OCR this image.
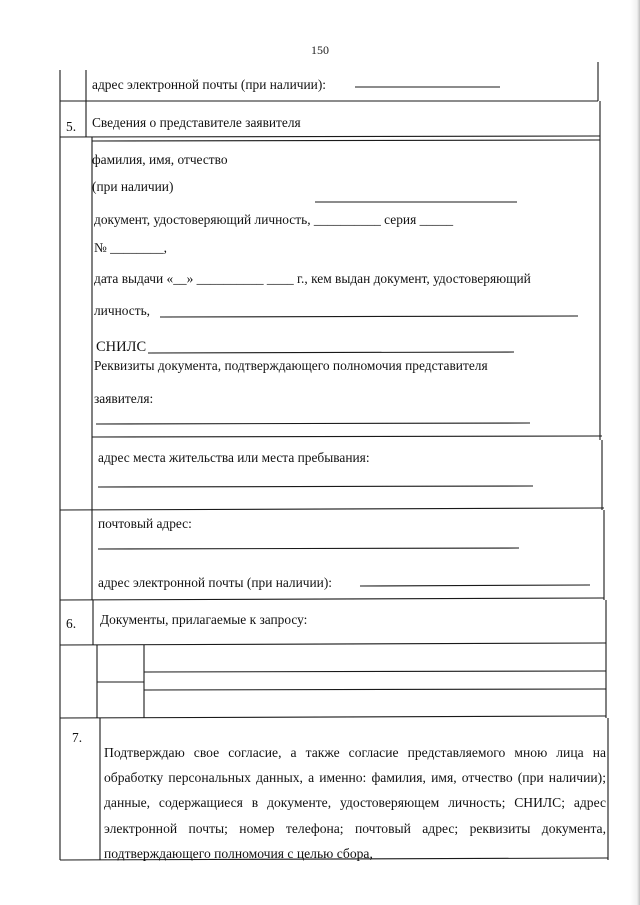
150
адрес электронной почты (при наличии):
5. Сведения о представителе заявителя
фамилия, имя, отчество
(при наличии)
документ, удостоверяющий личность, __________ серия _____
№ ________,
дата выдачи «__» __________ ____ г., кем выдан документ, удостоверяющий
личность,
СНИЛС
Реквизиты документа, подтверждающего полномочия представителя
заявителя:
адрес места жительства или места пребывания:
почтовый адрес:
адрес электронной почты (при наличии):
6. Документы, прилагаемые к запросу:
7.
Подтверждаю свое согласие, а также согласие представляемого мною лица на обработку персональных данных, а именно: фамилия, имя, отчество (при наличии); данные, содержащиеся в документе, удостоверяющем личность; СНИЛС; адрес электронной почты; номер телефона; почтовый адрес; реквизиты документа, подтверждающего полномочия с целью сбора,
